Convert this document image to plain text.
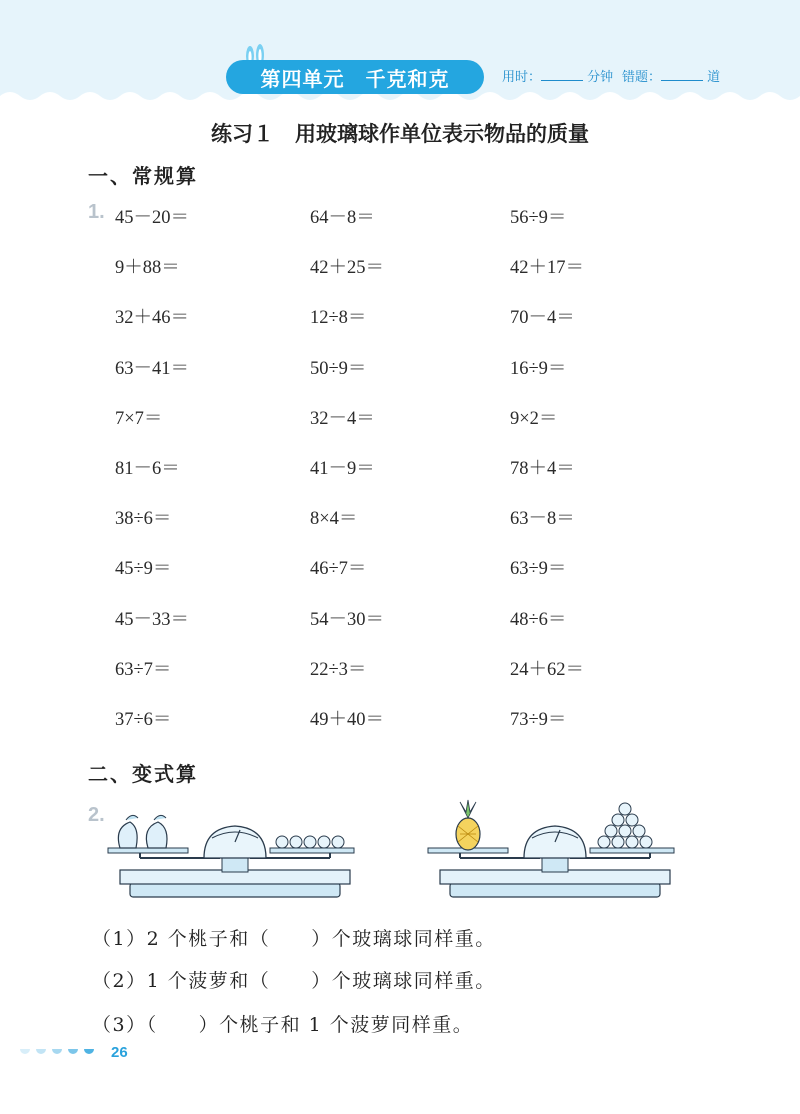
第四单元　千克和克	用时：	分钟 错题：	道
练习１　用玻璃球作单位表示物品的质量
一、常规算
1. 45－20＝	64－8＝	56÷9＝
9＋88＝	42＋25＝	42＋17＝
32＋46＝	12÷8＝	70－4＝
63－41＝	50÷9＝	16÷9＝
7×7＝	32－4＝	9×2＝
81－6＝	41－9＝	78＋4＝
38÷6＝	8×4＝	63－8＝
45÷9＝	46÷7＝	63÷9＝
45－33＝	54－30＝	48÷6＝
63÷7＝	22÷3＝	24＋62＝
37÷6＝	49＋40＝	73÷9＝
二、变式算
2.
（1）2 个桃子和（　　）个玻璃球同样重。
（2）1 个菠萝和（　　）个玻璃球同样重。
（3）（　　）个桃子和 1 个菠萝同样重。
26
